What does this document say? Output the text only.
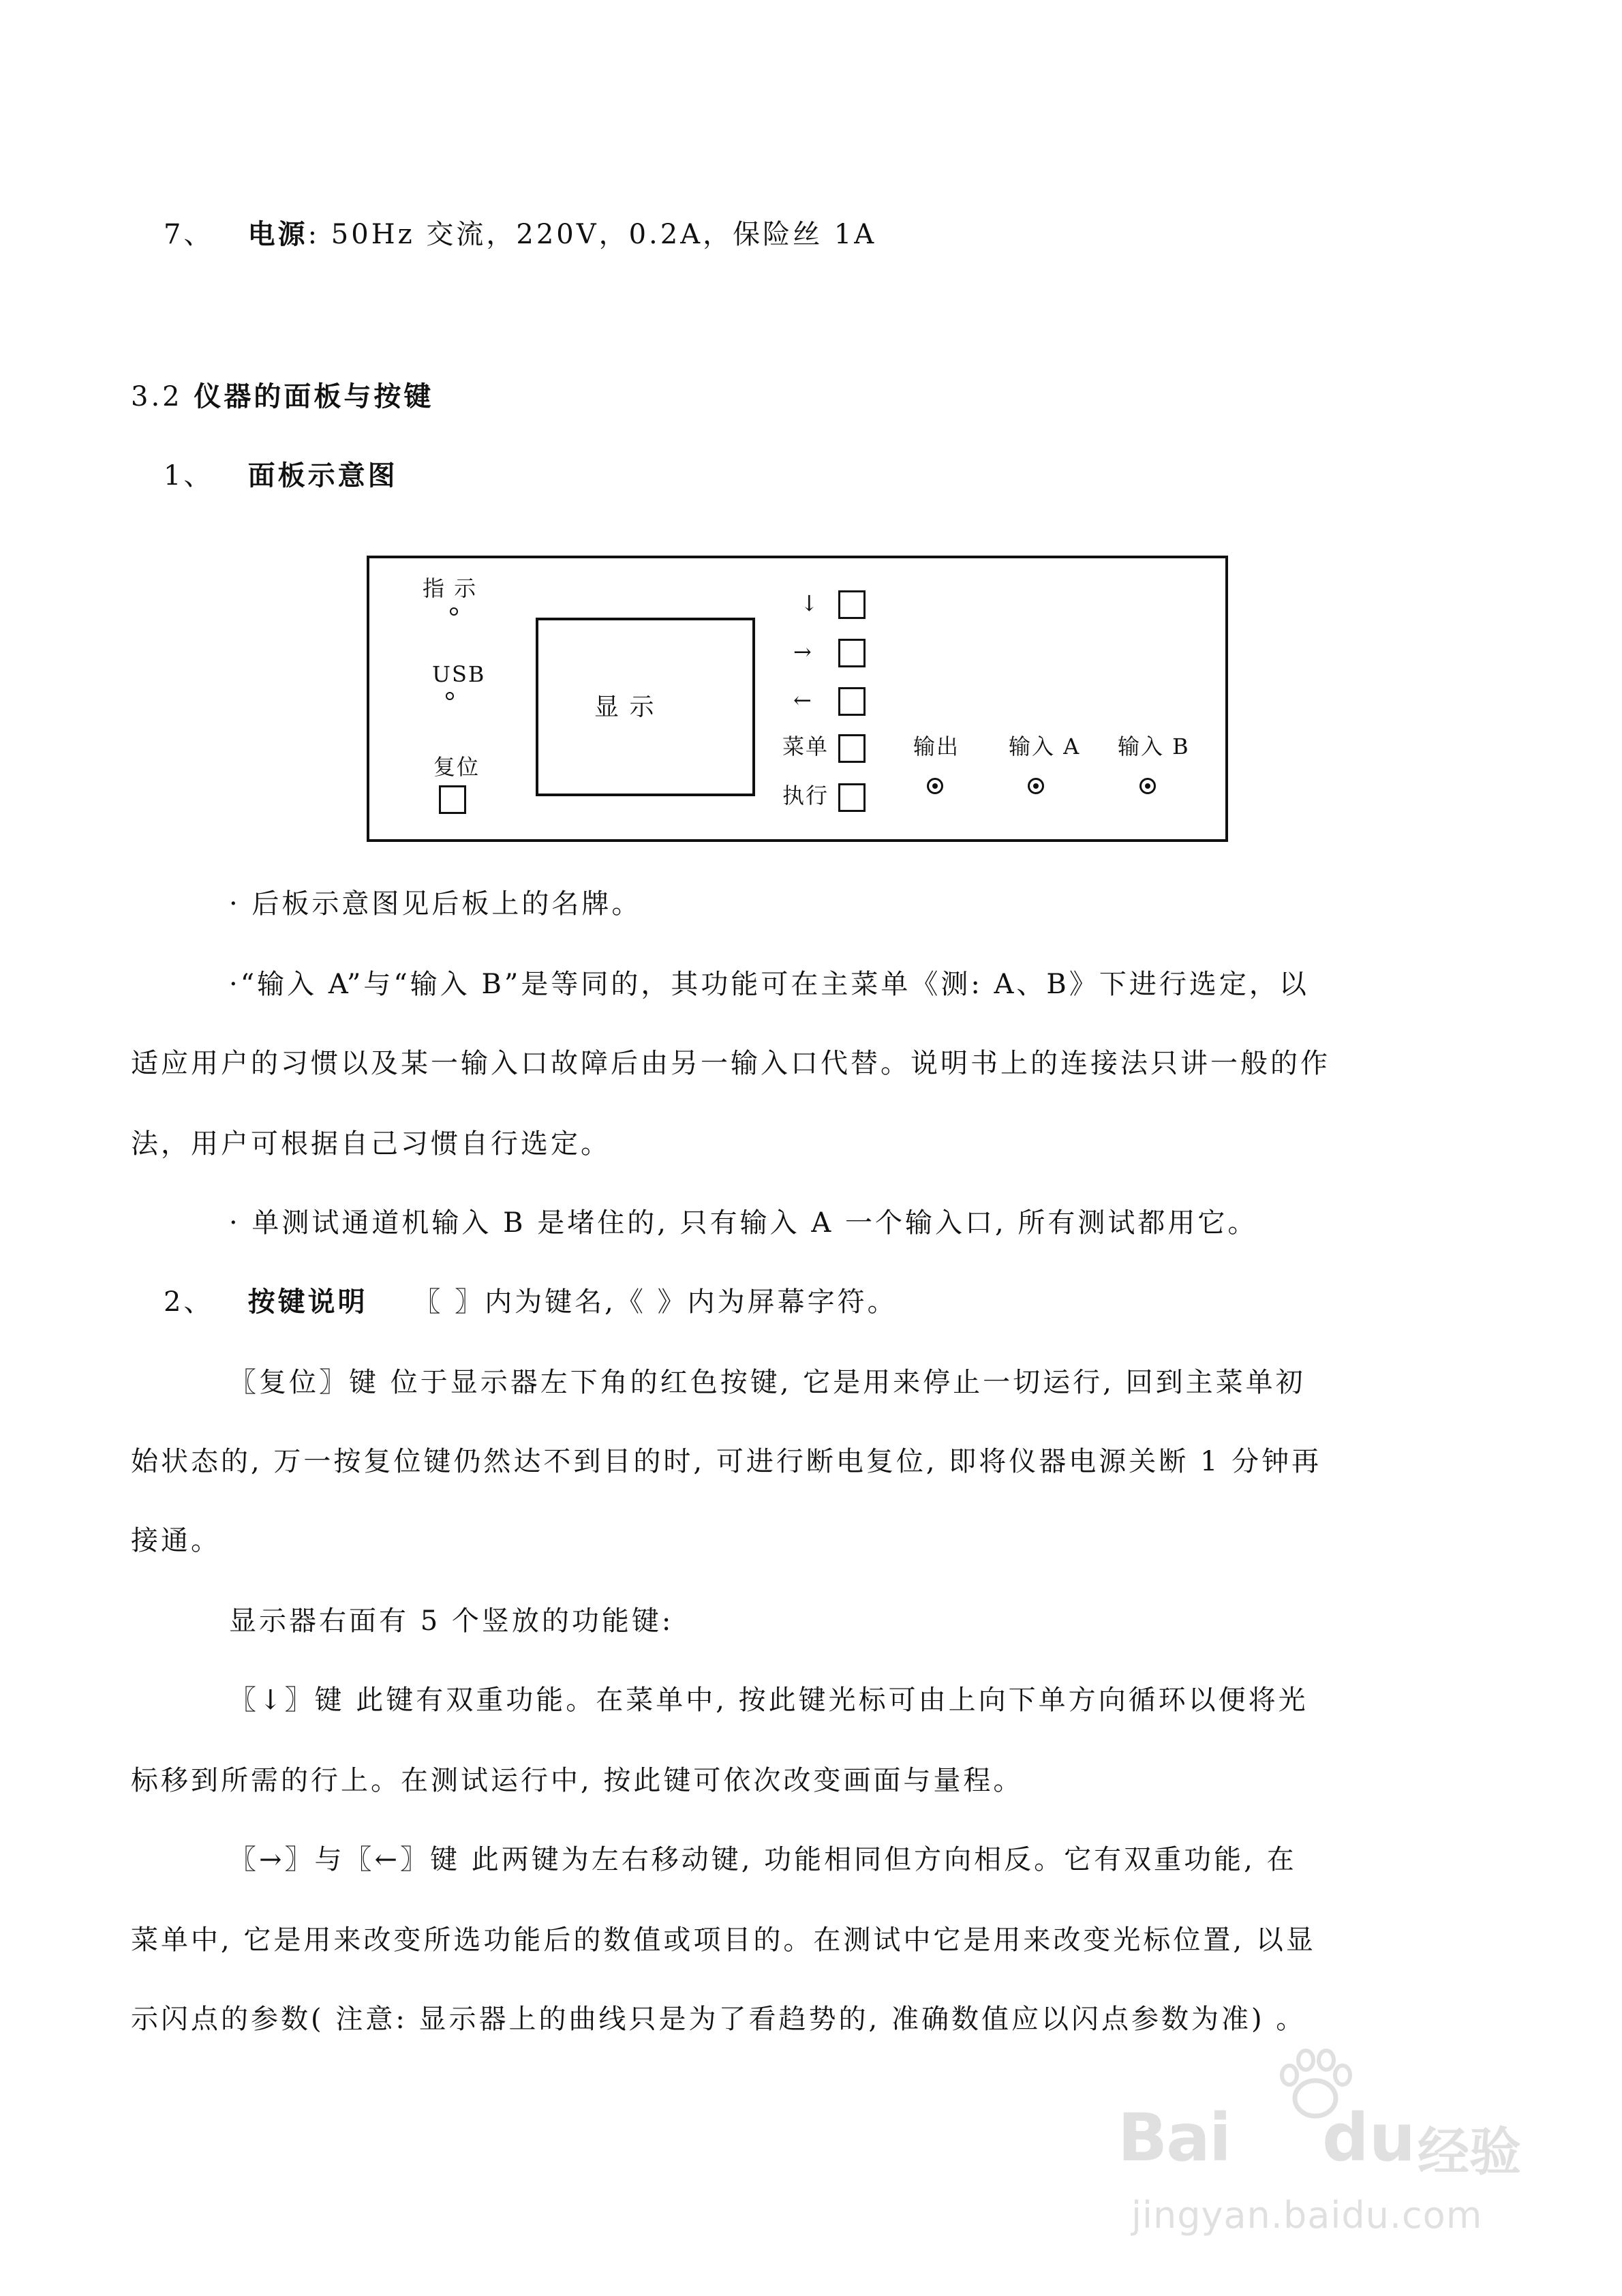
7、 电源: 50Hz 交流，220V，0.2A，保险丝 1A
3.2 仪器的面板与按键
1、 面板示意图
指 示
USB
复位
显 示
↓
→
←
菜单
执行
输出 输入 A 输入 B
· 后板示意图见后板上的名牌。
·“输入 A”与“输入 B”是等同的，其功能可在主菜单《测: A、B》下进行选定，以
适应用户的习惯以及某一输入口故障后由另一输入口代替。说明书上的连接法只讲一般的作
法，用户可根据自己习惯自行选定。
· 单测试通道机输入 B 是堵住的, 只有输入 A 一个输入口, 所有测试都用它。
2、 按键说明 〖 〗内为键名,《 》内为屏幕字符。
〖复位〗键 位于显示器左下角的红色按键, 它是用来停止一切运行, 回到主菜单初
始状态的, 万一按复位键仍然达不到目的时, 可进行断电复位, 即将仪器电源关断 1 分钟再
接通。
显示器右面有 5 个竖放的功能键:
〖↓〗键 此键有双重功能。在菜单中, 按此键光标可由上向下单方向循环以便将光
标移到所需的行上。在测试运行中, 按此键可依次改变画面与量程。
〖→〗与〖←〗键 此两键为左右移动键, 功能相同但方向相反。它有双重功能, 在
菜单中, 它是用来改变所选功能后的数值或项目的。在测试中它是用来改变光标位置, 以显
示闪点的参数( 注意: 显示器上的曲线只是为了看趋势的, 准确数值应以闪点参数为准) 。
Bai du 经验
jingyan.baidu.com
